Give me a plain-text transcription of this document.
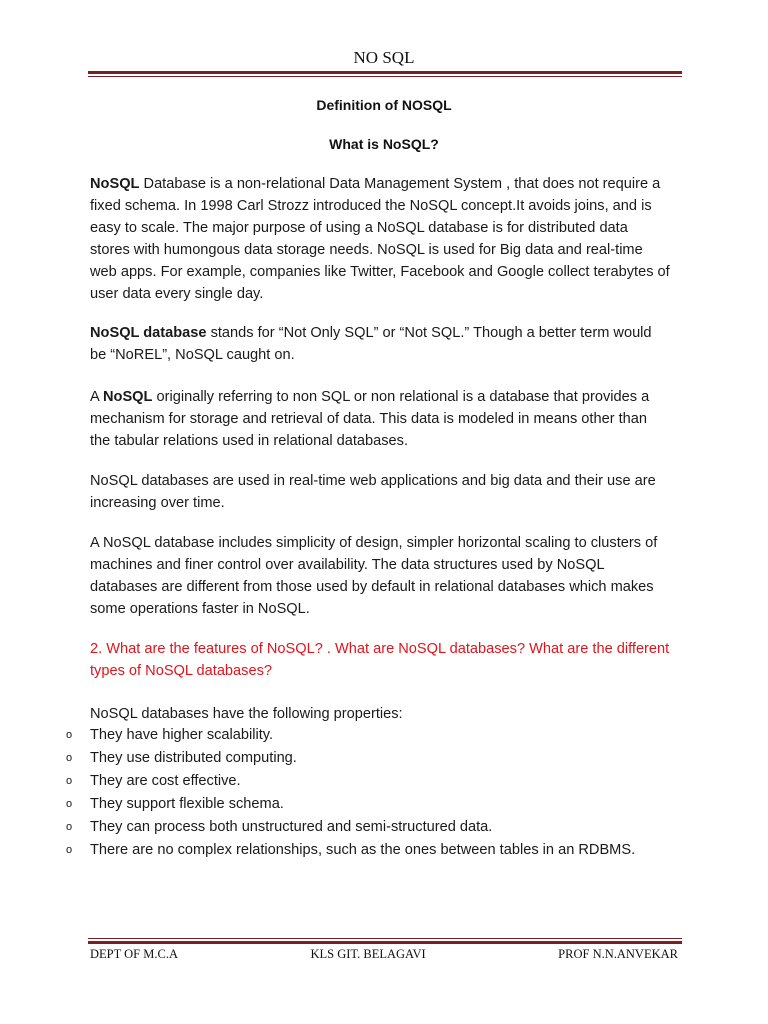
NO SQL
Definition of NOSQL
What is NoSQL?

NoSQL Database is a non-relational Data Management System , that does not require a fixed schema. In 1998 Carl Strozz introduced the NoSQL concept.It avoids joins, and is easy to scale. The major purpose of using a NoSQL database is for distributed data stores with humongous data storage needs. NoSQL is used for Big data and real-time web apps. For example, companies like Twitter, Facebook and Google collect terabytes of user data every single day.

NoSQL database stands for “Not Only SQL” or “Not SQL.” Though a better term would be “NoREL”, NoSQL caught on.

A NoSQL originally referring to non SQL or non relational is a database that provides a mechanism for storage and retrieval of data. This data is modeled in means other than the tabular relations used in relational databases.

NoSQL databases are used in real-time web applications and big data and their use are increasing over time.

A NoSQL database includes simplicity of design, simpler horizontal scaling to clusters of machines and finer control over availability. The data structures used by NoSQL databases are different from those used by default in relational databases which makes some operations faster in NoSQL.

2. What are the features of NoSQL? . What are NoSQL databases? What are the different types of NoSQL databases?

NoSQL databases have the following properties:

o They have higher scalability.
o They use distributed computing.
o They are cost effective.
o They support flexible schema.
o They can process both unstructured and semi-structured data.
o There are no complex relationships, such as the ones between tables in an RDBMS.
DEPT OF M.C.A	KLS GIT. BELAGAVI	PROF N.N.ANVEKAR
